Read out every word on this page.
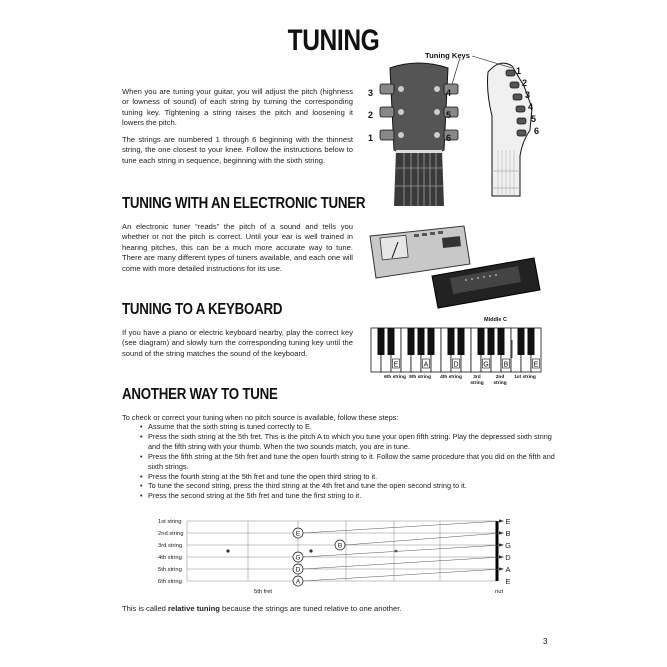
TUNING
When you are tuning your guitar, you will adjust the pitch (highness or lowness of sound) of each string by turning the corresponding tuning key. Tightening a string raises the pitch and loosening it lowers the pitch.
The strings are numbered 1 through 6 beginning with the thinnest string, the one closest to your knee. Follow the instructions below to tune each string in sequence, beginning with the sixth string.
Tuning Keys
3
2
1
4
5
6
1
2
3
4
5
6
TUNING WITH AN ELECTRONIC TUNER
An electronic tuner “reads” the pitch of a sound and tells you whether or not the pitch is correct. Until your ear is well trained in hearing pitches, this can be a much more accurate way to tune. There are many different types of tuners available, and each one will come with more detailed instructions for its use.
TUNING TO A KEYBOARD
If you have a piano or electric keyboard nearby, play the correct key (see diagram) and slowly turn the corresponding tuning key until the sound of the string matches the sound of the keyboard.
E	A	D	G B	E
Middle C
6th string 5th string 4th string	3rd string
2nd string
1st string
ANOTHER WAY TO TUNE
To check or correct your tuning when no pitch source is available, follow these steps:
• Assume that the sixth string is tuned correctly to E.
• Press the sixth string at the 5th fret. This is the pitch A to which you tune your open fifth string. Play the depressed sixth string and the fifth string with your thumb. When the two sounds match, you are in tune.
• Press the fifth string at the 5th fret and tune the open fourth string to it. Follow the same procedure that you did on the fifth and sixth strings.
• Press the fourth string at the 5th fret and tune the open third string to it.
• To tune the second string, press the third string at the 4th fret and tune the open second string to it.
• Press the second string at the 5th fret and tune the first string to it.
1st string
2nd string
3rd string
4th string
5th string
6th string
E
B
G
D
A
E
E
B
G
D
A
5th fret	nut
This is called relative tuning because the strings are tuned relative to one another.
3
